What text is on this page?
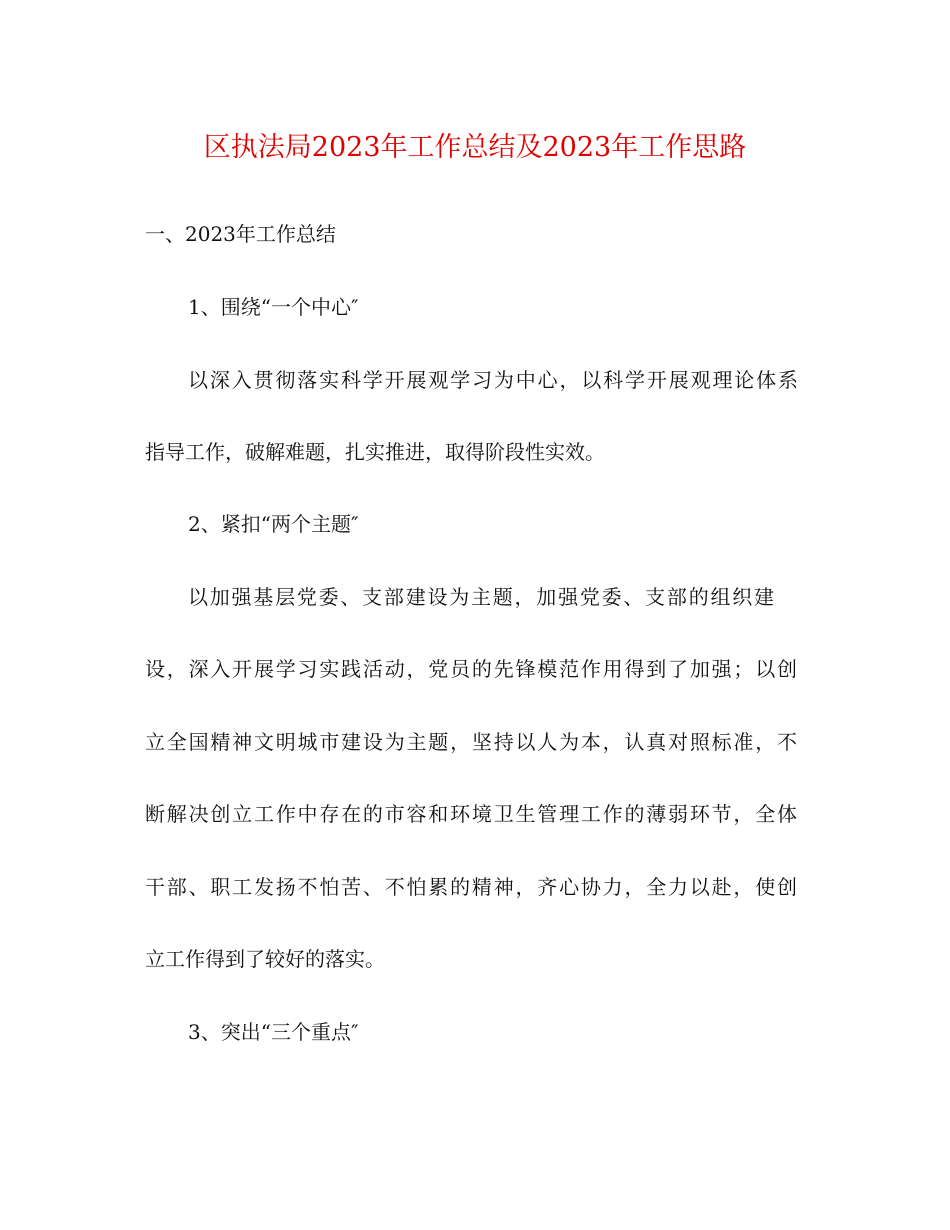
区执法局2023年工作总结及2023年工作思路
一、2023年工作总结
1、围绕“一个中心″
以深入贯彻落实科学开展观学习为中心，以科学开展观理论体系
指导工作，破解难题，扎实推进，取得阶段性实效。
2、紧扣“两个主题″
以加强基层党委、支部建设为主题，加强党委、支部的组织建
设，深入开展学习实践活动，党员的先锋模范作用得到了加强；以创
立全国精神文明城市建设为主题，坚持以人为本，认真对照标准，不
断解决创立工作中存在的市容和环境卫生管理工作的薄弱环节，全体
干部、职工发扬不怕苦、不怕累的精神，齐心协力，全力以赴，使创
立工作得到了较好的落实。
3、突出“三个重点″
